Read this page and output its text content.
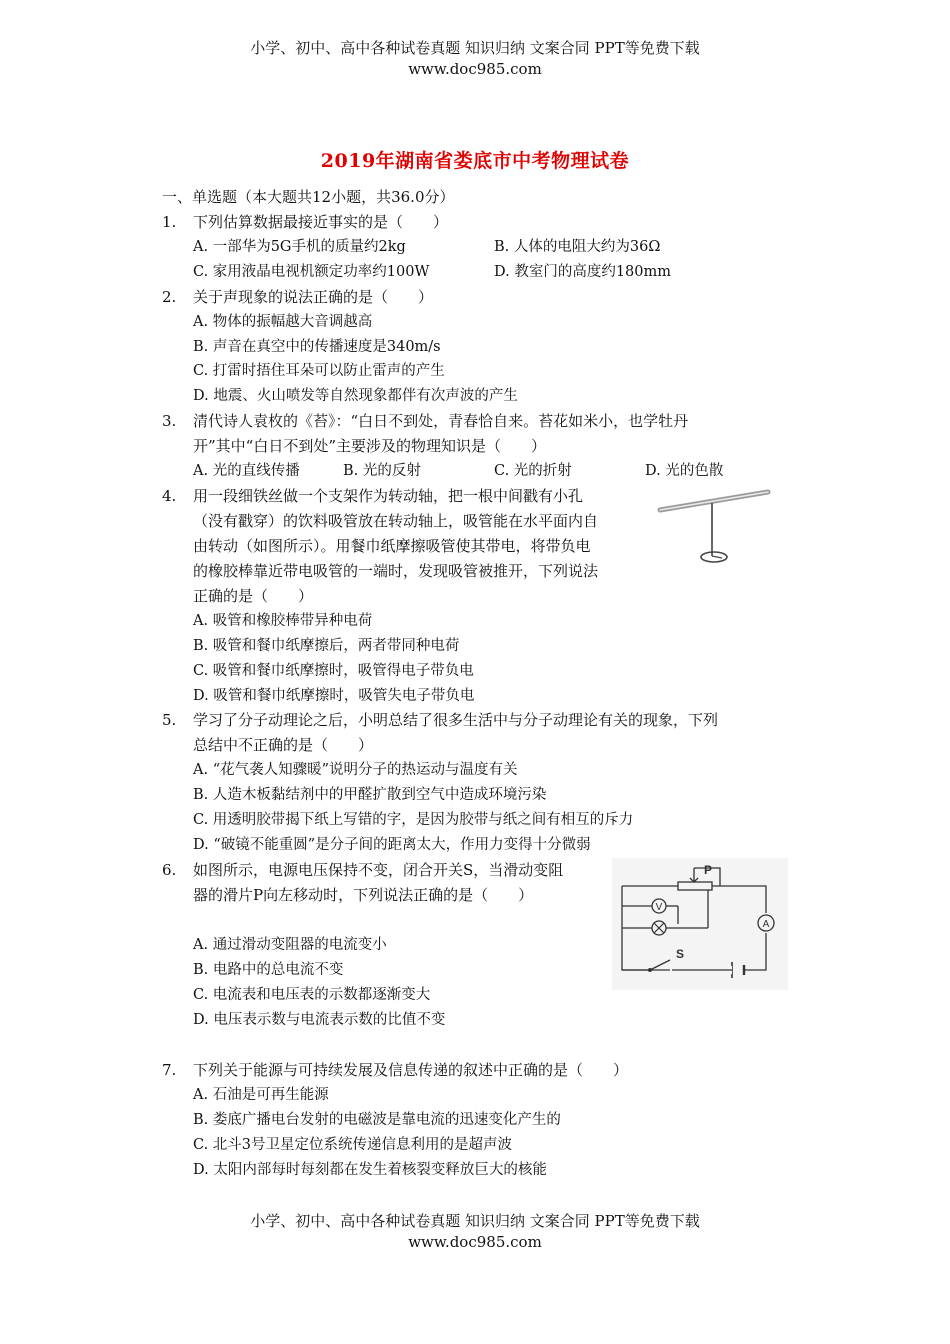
小学、初中、高中各种试卷真题 知识归纳 文案合同 PPT等免费下载
www.doc985.com
2019年湖南省娄底市中考物理试卷
一、单选题（本大题共12小题，共36.0分）
1. 下列估算数据最接近事实的是（　　）
A. 一部华为5G手机的质量约2kg	B. 人体的电阻大约为36Ω
C. 家用液晶电视机额定功率约100W	D. 教室门的高度约180mm
2. 关于声现象的说法正确的是（　　）
A. 物体的振幅越大音调越高
B. 声音在真空中的传播速度是340m/s
C. 打雷时捂住耳朵可以防止雷声的产生
D. 地震、火山喷发等自然现象都伴有次声波的产生
3. 清代诗人袁枚的《苔》：“白日不到处，青春恰自来。苔花如米小，也学牡丹
开”其中“白日不到处”主要涉及的物理知识是（　　）
A. 光的直线传播	B. 光的反射	C. 光的折射	D. 光的色散
4. 用一段细铁丝做一个支架作为转动轴，把一根中间戳有小孔
（没有戳穿）的饮料吸管放在转动轴上，吸管能在水平面内自
由转动（如图所示）。用餐巾纸摩擦吸管使其带电，将带负电
的橡胶棒靠近带电吸管的一端时，发现吸管被推开，下列说法
正确的是（　　）
A. 吸管和橡胶棒带异种电荷
B. 吸管和餐巾纸摩擦后，两者带同种电荷
C. 吸管和餐巾纸摩擦时，吸管得电子带负电
D. 吸管和餐巾纸摩擦时，吸管失电子带负电
5. 学习了分子动理论之后，小明总结了很多生活中与分子动理论有关的现象，下列
总结中不正确的是（　　）
A. “花气袭人知骤暖”说明分子的热运动与温度有关
B. 人造木板黏结剂中的甲醛扩散到空气中造成环境污染
C. 用透明胶带揭下纸上写错的字，是因为胶带与纸之间有相互的斥力
D. “破镜不能重圆”是分子间的距离太大，作用力变得十分微弱
6. 如图所示，电源电压保持不变，闭合开关S，当滑动变阻
器的滑片P向左移动时，下列说法正确的是（　　）
A. 通过滑动变阻器的电流变小
B. 电路中的总电流不变
C. 电流表和电压表的示数都逐渐变大
D. 电压表示数与电流表示数的比值不变
V
A
P
S
7. 下列关于能源与可持续发展及信息传递的叙述中正确的是（　　）
A. 石油是可再生能源
B. 娄底广播电台发射的电磁波是靠电流的迅速变化产生的
C. 北斗3号卫星定位系统传递信息利用的是超声波
D. 太阳内部每时每刻都在发生着核裂变释放巨大的核能
小学、初中、高中各种试卷真题 知识归纳 文案合同 PPT等免费下载
www.doc985.com
